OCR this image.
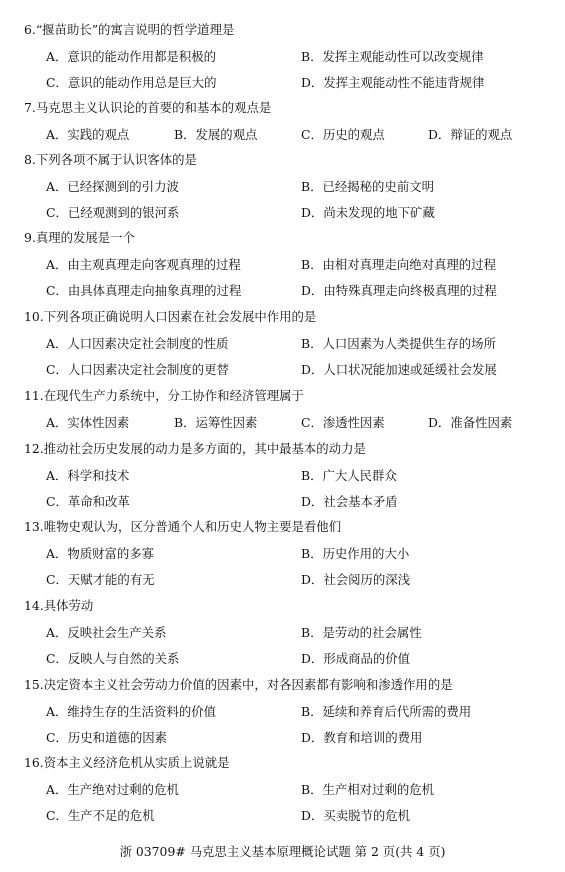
6.“揠苗助长”的寓言说明的哲学道理是
A．意识的能动作用都是积极的	B．发挥主观能动性可以改变规律
C．意识的能动作用总是巨大的	D．发挥主观能动性不能违背规律
7.马克思主义认识论的首要的和基本的观点是
A．实践的观点	B．发展的观点	C．历史的观点	D．辩证的观点
8.下列各项不属于认识客体的是
A．已经探测到的引力波	B．已经揭秘的史前文明
C．已经观测到的银河系	D．尚未发现的地下矿藏
9.真理的发展是一个
A．由主观真理走向客观真理的过程	B．由相对真理走向绝对真理的过程
C．由具体真理走向抽象真理的过程	D．由特殊真理走向终极真理的过程
10.下列各项正确说明人口因素在社会发展中作用的是
A．人口因素决定社会制度的性质	B．人口因素为人类提供生存的场所
C．人口因素决定社会制度的更替	D．人口状况能加速或延缓社会发展
11.在现代生产力系统中，分工协作和经济管理属于
A．实体性因素	B．运筹性因素	C．渗透性因素	D．准备性因素
12.推动社会历史发展的动力是多方面的，其中最基本的动力是
A．科学和技术	B．广大人民群众
C．革命和改革	D．社会基本矛盾
13.唯物史观认为，区分普通个人和历史人物主要是看他们
A．物质财富的多寡	B．历史作用的大小
C．天赋才能的有无	D．社会阅历的深浅
14.具体劳动
A．反映社会生产关系	B．是劳动的社会属性
C．反映人与自然的关系	D．形成商品的价值
15.决定资本主义社会劳动力价值的因素中，对各因素都有影响和渗透作用的是
A．维持生存的生活资料的价值	B．延续和养育后代所需的费用
C．历史和道德的因素	D．教育和培训的费用
16.资本主义经济危机从实质上说就是
A．生产绝对过剩的危机	B．生产相对过剩的危机
C．生产不足的危机	D．买卖脱节的危机
浙 03709# 马克思主义基本原理概论试题 第 2 页(共 4 页)
